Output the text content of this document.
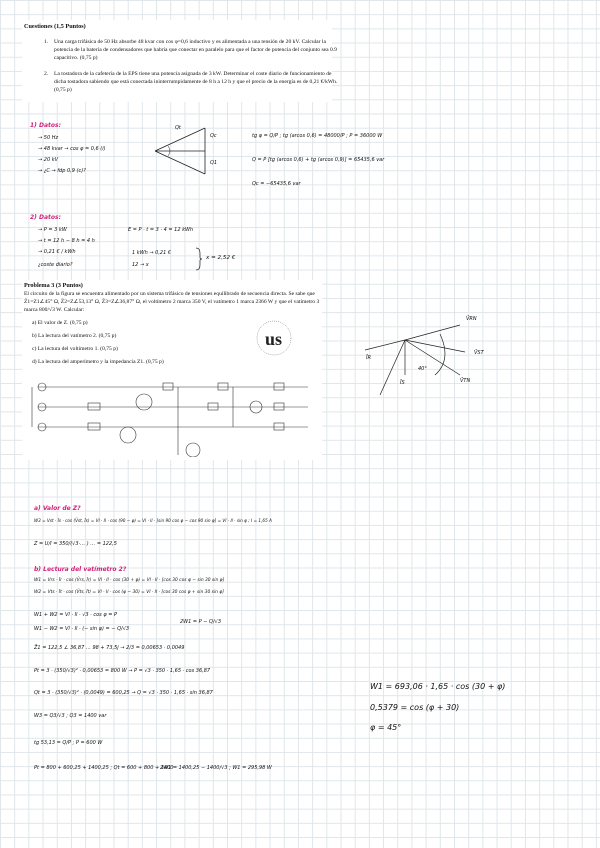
Cuestiones (1,5 Puntos)
1. Una carga trifásica de 50 Hz absorbe 48 kvar con cos φ=0,6 inductivo y es alimentada a una tensión de 20 kV. Calcular la potencia de la batería de condensadores que habría que conectar en paralelo para que el factor de potencia del conjunto sea 0.9 capacitivo. (0,75 p)
2. La tostadora de la cafetería de la EPS tiene una potencia asignada de 3 kW. Determinar el coste diario de funcionamiento de dicha tostadora sabiendo que está conectada ininterrumpidamente de 8 h a 12 h y que el precio de la energía es de 0,21 €/kWh. (0,75 p)
1) Datos:
→ 50 Hz
→ 48 kvar → cos φ = 0,6 (i)
→ 20 kV
→ ¿C → fdp 0,9 (c)?
Qc
Q1
Qt
tg φ = Q/P ; tg (arcos 0,6) = 48000/P ; P = 36000 W
Q = P [tg (arcos 0,6) + tg (arcos 0,9)] = 65435,6 var
Qc = −65435,6 var
2) Datos:
→ P = 3 kW
→ t = 12 h − 8 h = 4 h
→ 0,21 € / kWh
¿coste diario?
E = P · t = 3 · 4 = 12 kWh
1 kWh → 0,21 €
12 → x
x = 2,52 €
Problema 3 (3 Puntos)
El circuito de la figura se encuentra alimentado por un sistema trifásico de tensiones equilibrado de secuencia directa. Se sabe que Z̄1=Z1∠45° Ω, Z̄2=Z∠53,13° Ω, Z̄3=Z∠36,87° Ω, el voltímetro 2 marca 350 V, el vatímetro 1 marca 2366 W y que el vatímetro 3 marca 800/√3 W. Calcular:
a) El valor de Z. (0,75 p)
b) La lectura del vatímetro 2. (0,75 p)
c) La lectura del voltímetro 1. (0,75 p)
d) La lectura del amperímetro y la impedancia Z1. (0,75 p)
us
V̄RN
V̄ST
V̄TN
ĪS
ĪR
40°
a) Valor de Z?
W3 = Vst · Īs · cos (V̄st, Īs) = Vl · Il · cos (90 − φ) = Vl · Il · [sin 90 cos φ − cos 90 sin φ] = Vl · Il · sin φ ; I = 1,65 A
Z = U/I = 350/(√3·… ) … = 122,5
b) Lectura del vatímetro 2?
W1 = Vrs · Īr · cos (V̄rs, Īr) = Vl · Il · cos (30 + φ) = Vl · Il · [cos 30 cos φ − sin 30 sin φ]
W2 = Vts · Īt · cos (V̄ts, Īt) = Vl · Il · cos (φ − 30) = Vl · Il · [cos 30 cos φ + sin 30 sin φ]
W1 + W2 = Vl · Il · √3 · cos φ = P
W1 − W2 = Vl · Il · (− sin φ) = − Q/√3
2W1 = P − Q/√3
Z̄1 = 122,5 ∠ 36,87 … 98 + 73,5j → 2/3 = 0,00653 · 0,0049
Pt = 3 · (350/√3)² · 0,00653 = 800 W → P = √3 · 350 · 1,65 · cos 36,87
Qt = 3 · (350/√3)² · (0,0049) = 600,25 → Q = √3 · 350 · 1,65 · sin 36,87
W3 = Q3/√3 ; Q3 = 1400 var
tg 53,13 = Q/P ; P = 600 W
Pt = 800 + 600,25 + 1400,25 ; Qt = 600 + 800 + 1400
2W1 = 1400,25 − 1400/√3 ; W1 = 295,98 W
W1 = 693,06 · 1,65 · cos (30 + φ)
0,5379 = cos (φ + 30)
φ = 45°
